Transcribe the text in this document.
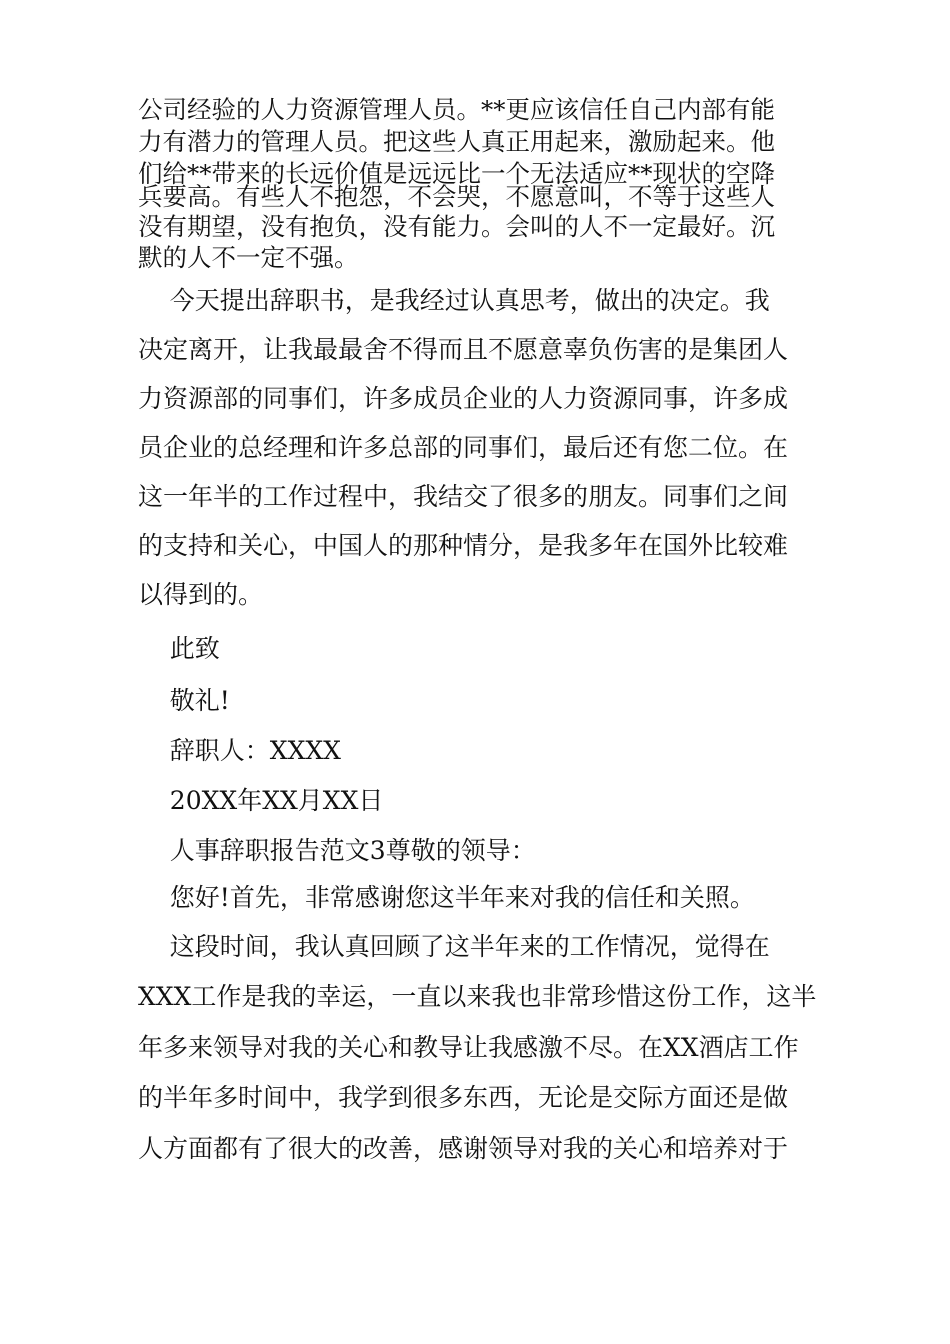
公司经验的人力资源管理人员。**更应该信任自己内部有能
力有潜力的管理人员。把这些人真正用起来，激励起来。他
们给**带来的长远价值是远远比一个无法适应**现状的空降
兵要高。有些人不抱怨，不会哭，不愿意叫，不等于这些人
没有期望，没有抱负，没有能力。会叫的人不一定最好。沉
默的人不一定不强。
今天提出辞职书，是我经过认真思考，做出的决定。我
决定离开，让我最最舍不得而且不愿意辜负伤害的是集团人
力资源部的同事们，许多成员企业的人力资源同事，许多成
员企业的总经理和许多总部的同事们，最后还有您二位。在
这一年半的工作过程中，我结交了很多的朋友。同事们之间
的支持和关心，中国人的那种情分，是我多年在国外比较难
以得到的。
此致
敬礼!
辞职人：XXXX
20XX年XX月XX日
人事辞职报告范文3尊敬的领导：
您好!首先，非常感谢您这半年来对我的信任和关照。
这段时间，我认真回顾了这半年来的工作情况，觉得在
XXX工作是我的幸运，一直以来我也非常珍惜这份工作，这半
年多来领导对我的关心和教导让我感激不尽。在XX酒店工作
的半年多时间中，我学到很多东西，无论是交际方面还是做
人方面都有了很大的改善，感谢领导对我的关心和培养对于
